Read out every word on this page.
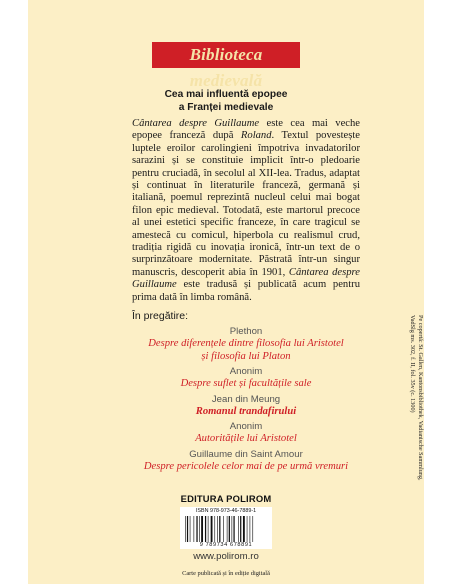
Biblioteca medievală
Cea mai influentă epopee
a Franței medievale
Cântarea despre Guillaume este cea mai veche epopee franceză după Roland. Textul povestește luptele eroilor carolingieni împotriva invadatorilor sarazini și se constituie implicit într-o pledoarie pentru cruciadă, în secolul al XII-lea. Tradus, adaptat și continuat în literaturile franceză, germană și italiană, poemul reprezintă nucleul celui mai bogat filon epic medieval. Totodată, este martorul precoce al unei estetici specific franceze, în care tragicul se amestecă cu comicul, hiperbola cu realismul crud, tradiția rigidă cu inovația ironică, într-un text de o surprinzătoare modernitate. Păstrată într-un singur manuscris, descoperit abia în 1901, Cântarea despre Guillaume este tradusă și publicată acum pentru prima dată în limba română.
În pregătire:
Plethon
Despre diferențele dintre filosofia lui Aristotel
și filosofia lui Platon
Anonim
Despre suflet și facultățile sale
Jean din Meung
Romanul trandafirului
Anonim
Autoritățile lui Aristotel
Guillaume din Saint Amour
Despre pericolele celor mai de pe urmă vremuri	Pe copertă: St. Gallen, Kantonsbibliothek, Vadianische Sammlung,
VadSlg ms. 302, f. II, fol. 35v (c. 1300)
EDITURA POLIROM
ISBN 978-973-46-7889-1
9 789734 678891
www.polirom.ro
Carte publicată și în ediție digitală
